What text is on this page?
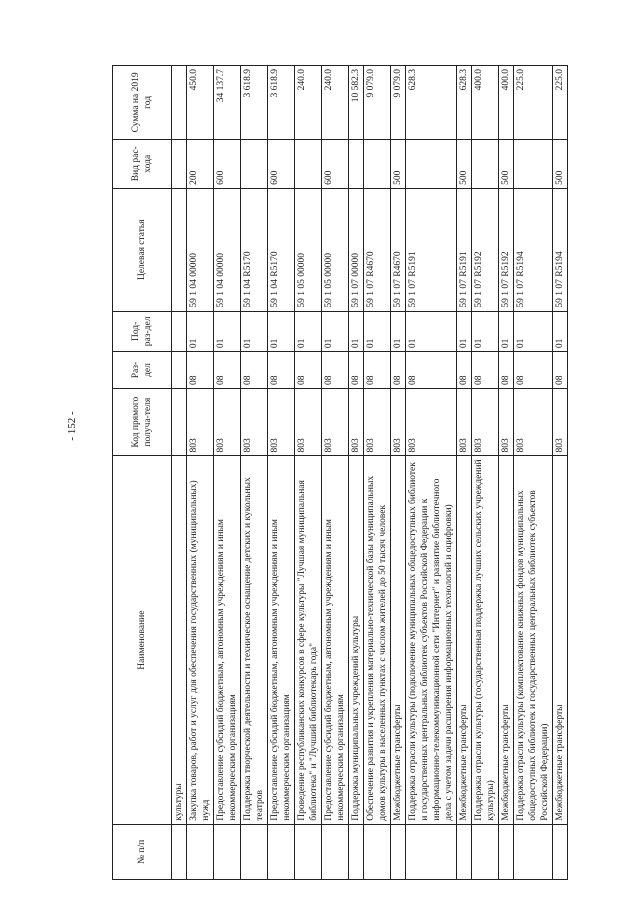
- 152 -
№ п/п	Наименование	Код прямого получа-теля	Раз-дел	Под-раз-дел	Целевая статья	Вид рас-хода	Сумма на 2019 год
	культуры						
	Закупка товаров, работ и услуг для обеспечения государственных (муниципальных) нужд	803	08	01	59 1 04 00000	200	450.0
	Предоставление субсидий бюджетным, автономным учреждениям и иным некоммерческим организациям	803	08	01	59 1 04 00000	600	34 137.7
	Поддержка творческой деятельности и техническое оснащение детских и кукольных театров	803	08	01	59 1 04 R5170		3 618.9
	Предоставление субсидий бюджетным, автономным учреждениям и иным некоммерческим организациям	803	08	01	59 1 04 R5170	600	3 618.9
	Проведение республиканских конкурсов в сфере культуры "Лучшая муниципальная библиотека" и "Лучший библиотекарь года"	803	08	01	59 1 05 00000		240.0
	Предоставление субсидий бюджетным, автономным учреждениям и иным некоммерческим организациям	803	08	01	59 1 05 00000	600	240.0
	Поддержка муниципальных учреждений культуры	803	08	01	59 1 07 00000		10 582.3
	Обеспечение развития и укрепления материально-технической базы муниципальных домов культуры в населенных пунктах с числом жителей до 50 тысяч человек	803	08	01	59 1 07 R4670		9 079.0
	Межбюджетные трансферты	803	08	01	59 1 07 R4670	500	9 079.0
	Поддержка отрасли культуры (подключение муниципальных общедоступных библиотек и государственных центральных библиотек субъектов Российской Федерации к информационно-телекоммуникационной сети "Интернет" и развитие библиотечного дела с учетом задачи расширения информационных технологий и оцифровки)	803	08	01	59 1 07 R5191		628.3
	Межбюджетные трансферты	803	08	01	59 1 07 R5191	500	628.3
	Поддержка отрасли культуры (государственная поддержка лучших сельских учреждений культуры)	803	08	01	59 1 07 R5192		400.0
	Межбюджетные трансферты	803	08	01	59 1 07 R5192	500	400.0
	Поддержка отрасли культуры (комплектование книжных фондов муниципальных общедоступных библиотек и государственных центральных библиотек субъектов Российской Федерации)	803	08	01	59 1 07 R5194		225.0
	Межбюджетные трансферты	803	08	01	59 1 07 R5194	500	225.0
